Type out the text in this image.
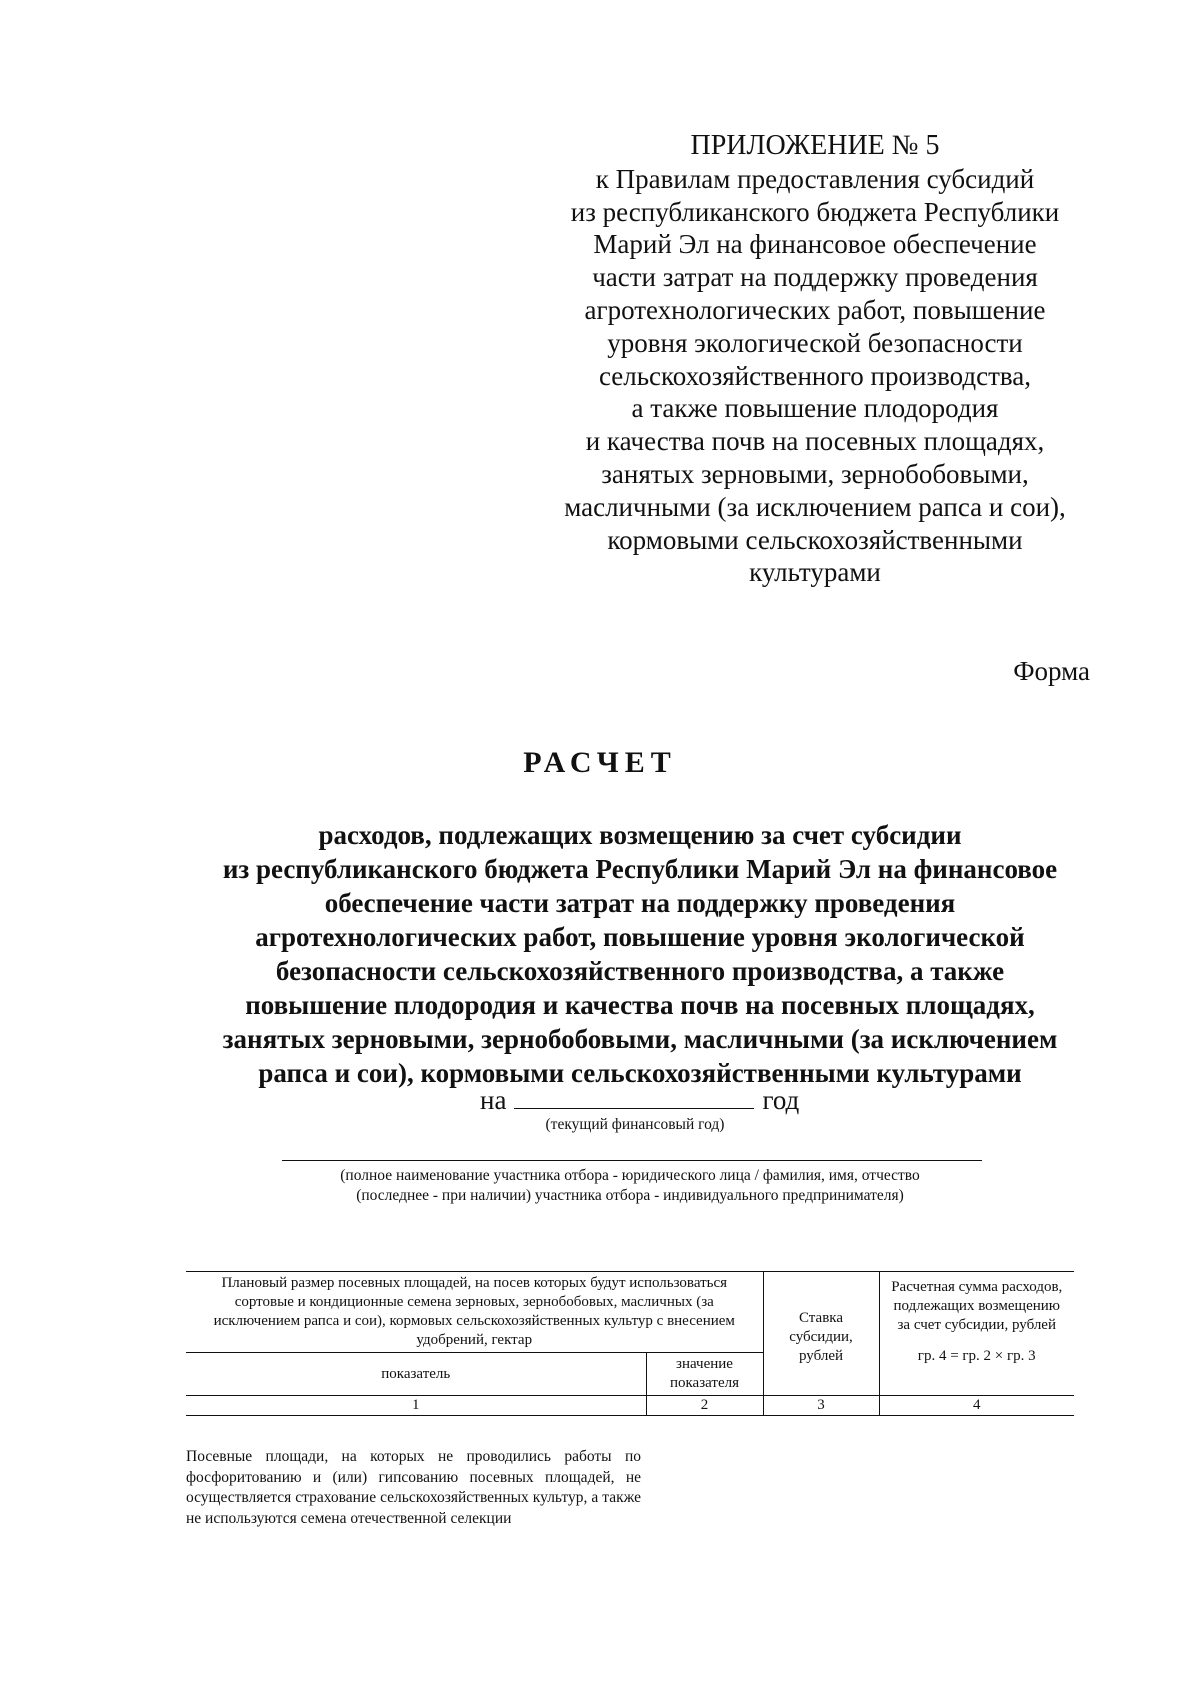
ПРИЛОЖЕНИЕ № 5
к Правилам предоставления субсидий
из республиканского бюджета Республики
Марий Эл на финансовое обеспечение
части затрат на поддержку проведения
агротехнологических работ, повышение
уровня экологической безопасности
сельскохозяйственного производства,
а также повышение плодородия
и качества почв на посевных площадях,
занятых зерновыми, зернобобовыми,
масличными (за исключением рапса и сои),
кормовыми сельскохозяйственными
культурами
Форма
РАСЧЕТ
расходов, подлежащих возмещению за счет субсидии
из республиканского бюджета Республики Марий Эл на финансовое
обеспечение части затрат на поддержку проведения
агротехнологических работ, повышение уровня экологической
безопасности сельскохозяйственного производства, а также
повышение плодородия и качества почв на посевных площадях,
занятых зерновыми, зернобобовыми, масличными (за исключением
рапса и сои), кормовыми сельскохозяйственными культурами
на	год
(текущий финансовый год)
(полное наименование участника отбора - юридического лица / фамилия, имя, отчество
(последнее - при наличии) участника отбора - индивидуального предпринимателя)
Плановый размер посевных площадей, на посев которых будут использоваться сортовые и кондиционные семена зерновых, зернобобовых, масличных (за исключением рапса и сои), кормовых сельскохозяйственных культур с внесением удобрений, гектар		Ставка субсидии, рублей	Расчетная сумма расходов, подлежащих возмещению за счет субсидии, рублей
гр. 4 = гр. 2 × гр. 3

показатель	значение показателя		
1	2	3	4
Посевные площади, на которых не проводились работы по фосфоритованию и (или) гипсованию посевных площадей, не осуществляется страхование сельскохозяйственных культур, а также не используются семена отечественной селекции
